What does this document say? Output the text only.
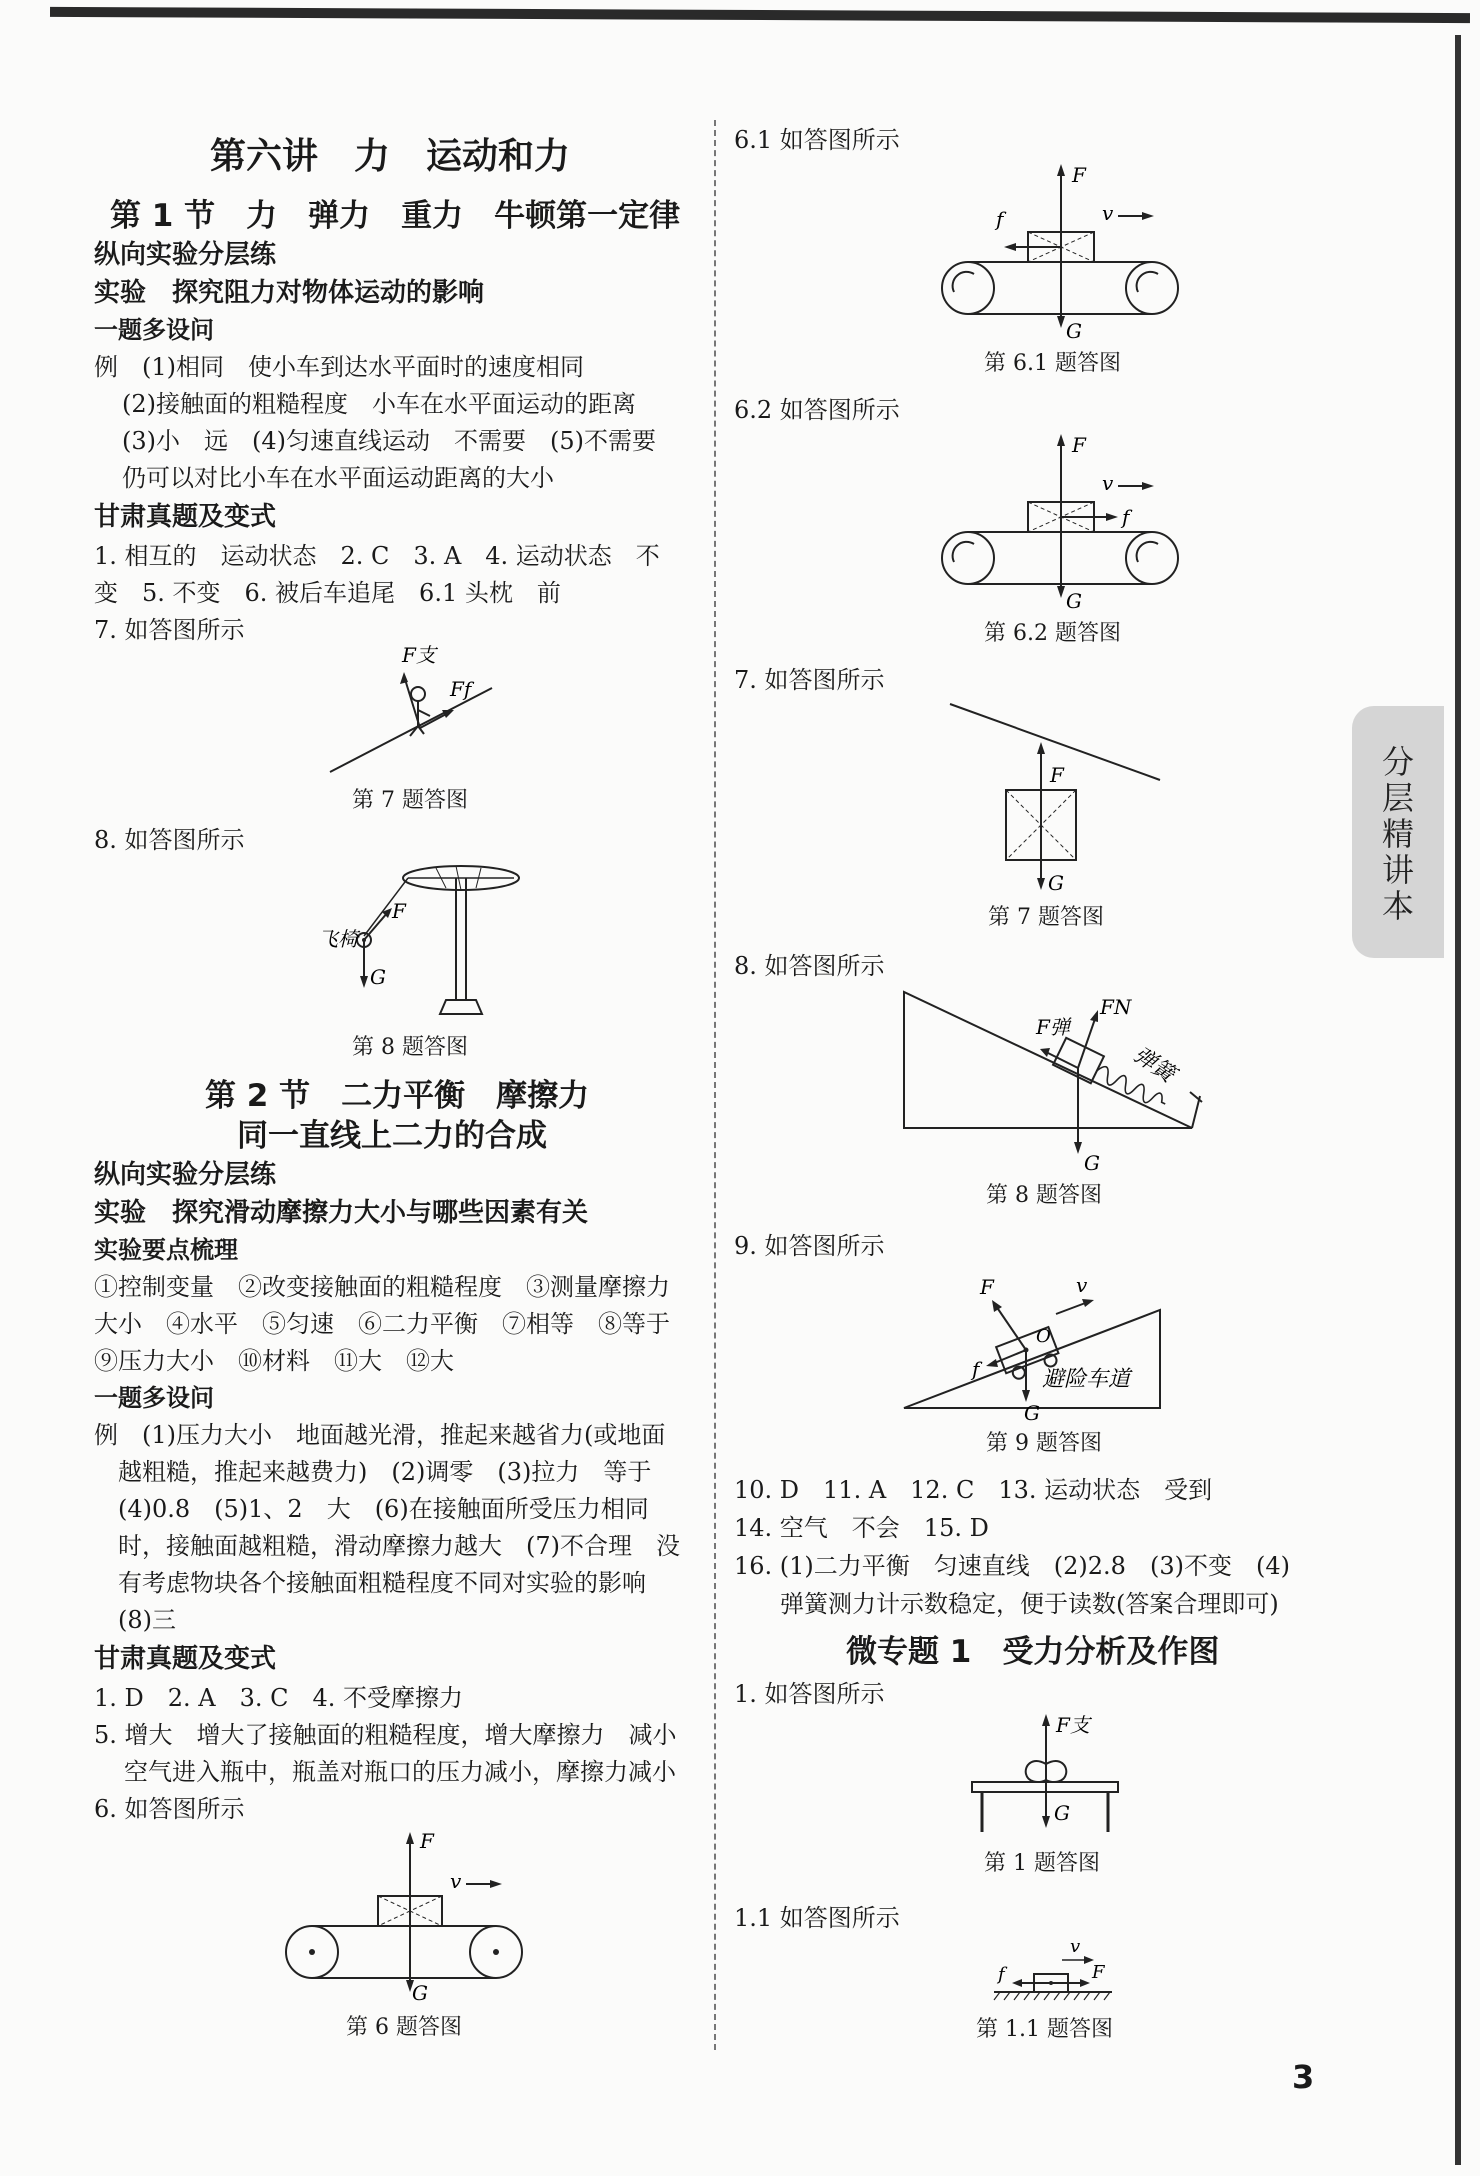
第六讲　力　运动和力
第 1 节　力　弹力　重力　牛顿第一定律
纵向实验分层练
实验　探究阻力对物体运动的影响
一题多设问
例　(1)相同　使小车到达水平面时的速度相同
(2)接触面的粗糙程度　小车在水平面运动的距离
(3)小　远　(4)匀速直线运动　不需要　(5)不需要
仍可以对比小车在水平面运动距离的大小
甘肃真题及变式
1. 相互的　运动状态　2. C　3. A　4. 运动状态　不
变　5. 不变　6. 被后车追尾　6.1 头枕　前
7. 如答图所示
F支
Ff
第 7 题答图
8. 如答图所示
飞椅
F
G
第 8 题答图
第 2 节　二力平衡　摩擦力
同一直线上二力的合成
纵向实验分层练
实验　探究滑动摩擦力大小与哪些因素有关
实验要点梳理
①控制变量　②改变接触面的粗糙程度　③测量摩擦力
大小　④水平　⑤匀速　⑥二力平衡　⑦相等　⑧等于
⑨压力大小　⑩材料　⑪大　⑫大
一题多设问
例　(1)压力大小　地面越光滑，推起来越省力(或地面
越粗糙，推起来越费力)　(2)调零　(3)拉力　等于
(4)0.8　(5)1、2　大　(6)在接触面所受压力相同
时，接触面越粗糙，滑动摩擦力越大　(7)不合理　没
有考虑物块各个接触面粗糙程度不同对实验的影响
(8)三
甘肃真题及变式
1. D　2. A　3. C　4. 不受摩擦力
5. 增大　增大了接触面的粗糙程度，增大摩擦力　减小
空气进入瓶中，瓶盖对瓶口的压力减小，摩擦力减小
6. 如答图所示
F
v
G
第 6 题答图
6.1 如答图所示
F
v
f
G
第 6.1 题答图
6.2 如答图所示
F
v
f
G
第 6.2 题答图
7. 如答图所示
F
G
第 7 题答图
8. 如答图所示
FN
F弹
弹簧
G
第 8 题答图
9. 如答图所示
F	v
O
f
G
避险车道
第 9 题答图
10. D　11. A　12. C　13. 运动状态　受到
14. 空气　不会　15. D
16. (1)二力平衡　匀速直线　(2)2.8　(3)不变　(4)
弹簧测力计示数稳定，便于读数(答案合理即可)
微专题 1　受力分析及作图
1. 如答图所示
F支
G
第 1 题答图
1.1 如答图所示
v
f	F
第 1.1 题答图
分层精讲本
3
